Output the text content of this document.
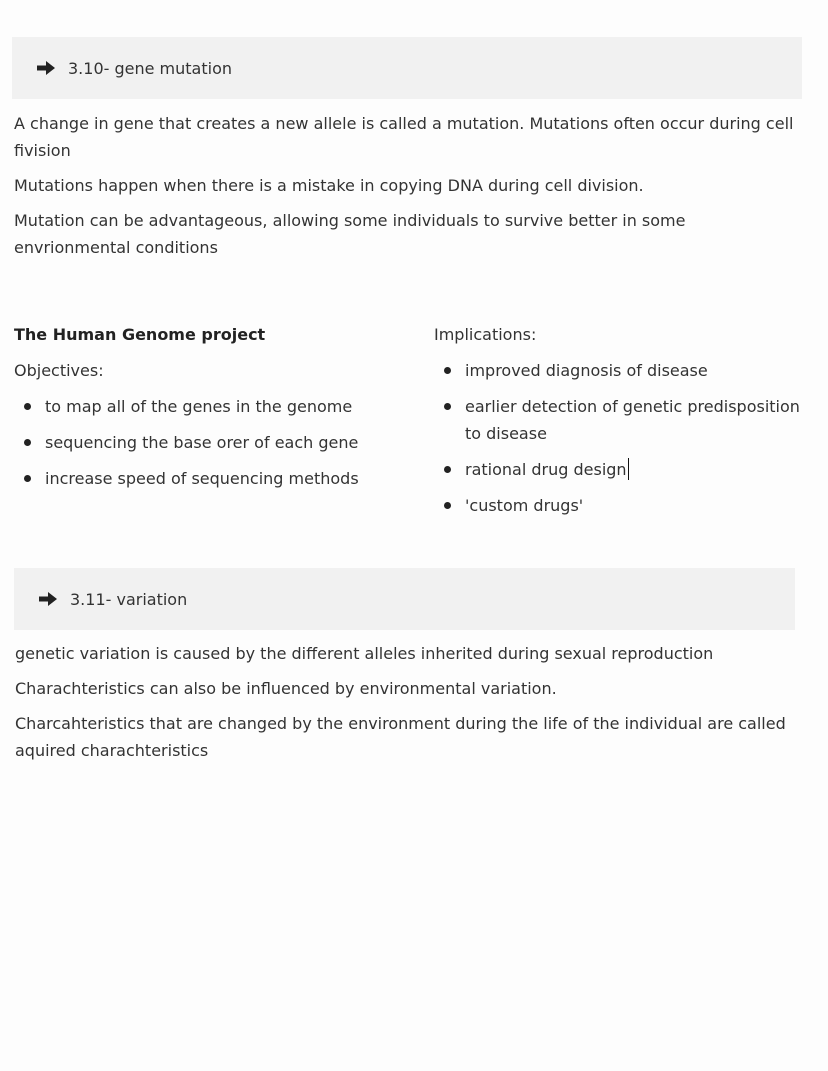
3.10- gene mutation

A change in gene that creates a new allele is called a mutation. Mutations often occur during cell fivision

Mutations happen when there is a mistake in copying DNA during cell division.

Mutation can be advantageous, allowing some individuals to survive better in some envrionmental conditions

The Human Genome project
Objectives:
to map all of the genes in the genome
sequencing the base orer of each gene
increase speed of sequencing methods
Implications:
improved diagnosis of disease
earlier detection of genetic predisposition to disease
rational drug design
'custom drugs'
3.11- variation

genetic variation is caused by the different alleles inherited during sexual reproduction

Charachteristics can also be influenced by environmental variation.

Charcahteristics that are changed by the environment during the life of the individual are called aquired charachteristics
